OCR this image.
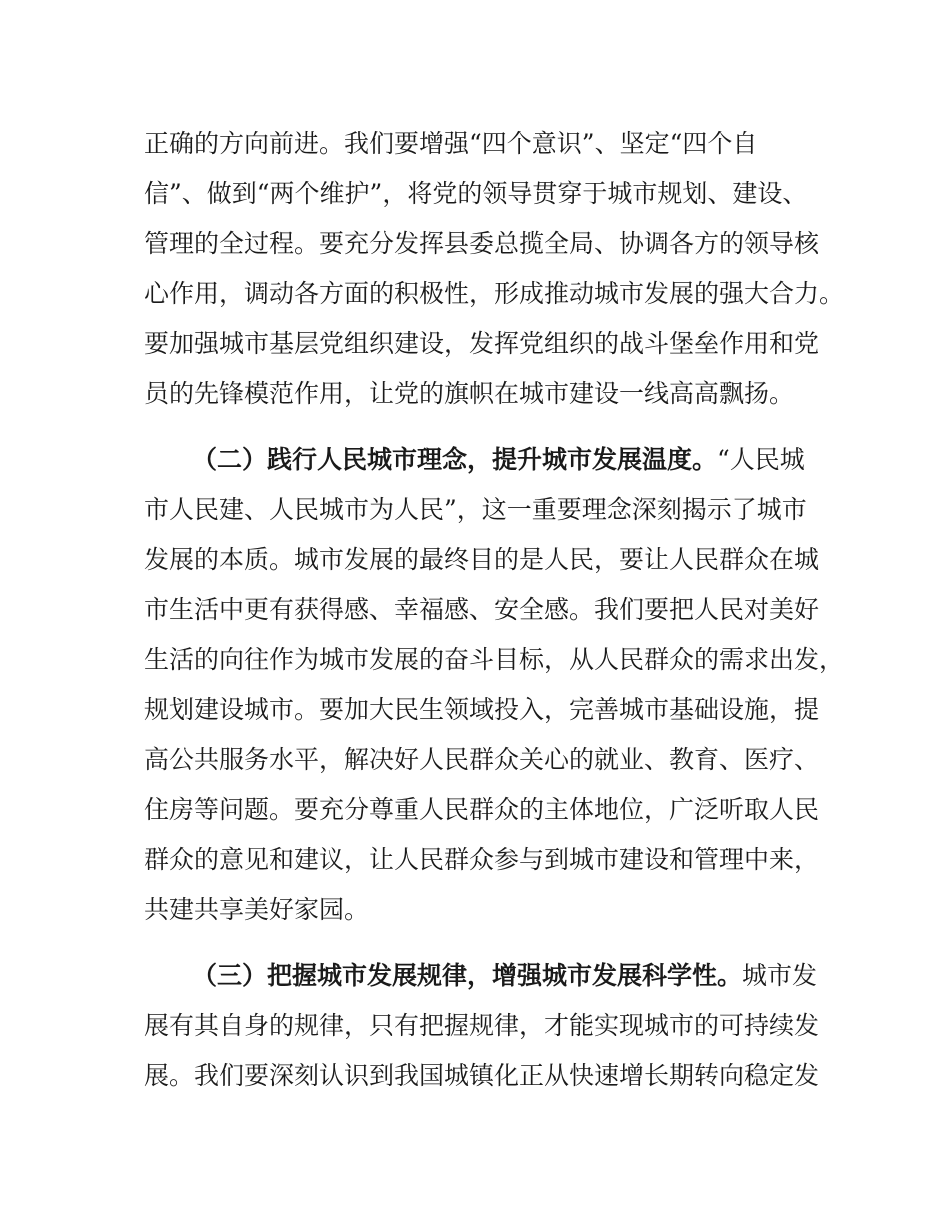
正确的方向前进。我们要增强“四个意识”、坚定“四个自
信”、做到“两个维护”，将党的领导贯穿于城市规划、建设、
管理的全过程。要充分发挥县委总揽全局、协调各方的领导核
心作用，调动各方面的积极性，形成推动城市发展的强大合力。
要加强城市基层党组织建设，发挥党组织的战斗堡垒作用和党
员的先锋模范作用，让党的旗帜在城市建设一线高高飘扬。
（二）践行人民城市理念，提升城市发展温度。“人民城
市人民建、人民城市为人民”，这一重要理念深刻揭示了城市
发展的本质。城市发展的最终目的是人民，要让人民群众在城
市生活中更有获得感、幸福感、安全感。我们要把人民对美好
生活的向往作为城市发展的奋斗目标，从人民群众的需求出发，
规划建设城市。要加大民生领域投入，完善城市基础设施，提
高公共服务水平，解决好人民群众关心的就业、教育、医疗、
住房等问题。要充分尊重人民群众的主体地位，广泛听取人民
群众的意见和建议，让人民群众参与到城市建设和管理中来，
共建共享美好家园。
（三）把握城市发展规律，增强城市发展科学性。城市发
展有其自身的规律，只有把握规律，才能实现城市的可持续发
展。我们要深刻认识到我国城镇化正从快速增长期转向稳定发
